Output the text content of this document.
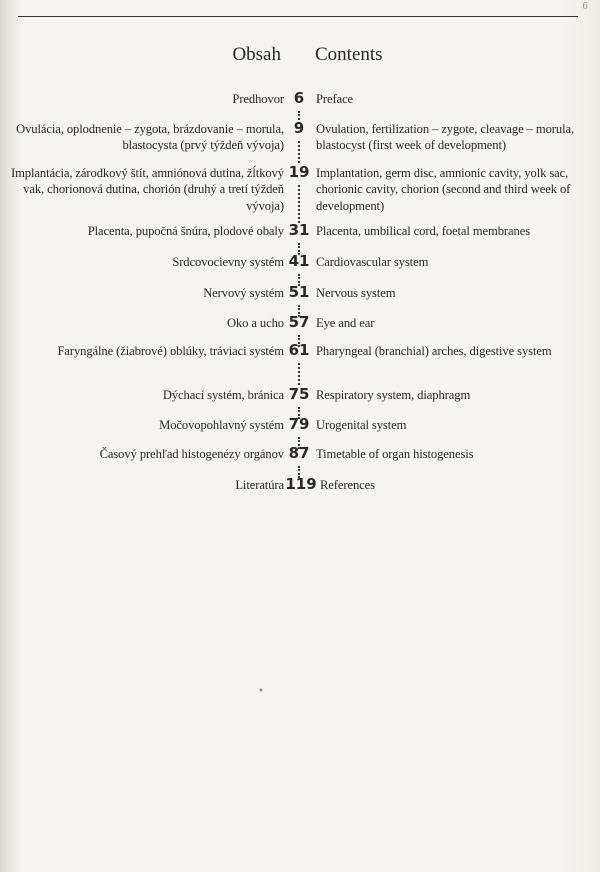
6
Obsah Contents
Predhovor 6 Preface
Ovulácia, oplodnenie – zygota, brázdovanie – morula, blastocysta (prvý týždeň vývoja)
9 Ovulation, fertilization – zygote, cleavage – morula, blastocyst (first week of development)
Implantácia, zárodkový štít, amniónová dutina, žĺtkový vak, chorionová dutina, chorión (druhý a tretí týždeň vývoja)
19 Implantation, germ disc, amnionic cavity, yolk sac, chorionic cavity, chorion (second and third week of development)
Placenta, pupočná šnúra, plodové obaly 31 Placenta, umbilical cord, foetal membranes
Srdcovocievny systém 41 Cardiovascular system
Nervový systém 51 Nervous system
Oko a ucho 57 Eye and ear
Faryngálne (žiabrové) oblúky, tráviaci systém 61 Pharyngeal (branchial) arches, digestive system
Dýchací systém, bránica 75 Respiratory system, diaphragm
Močovopohlavný systém 79 Urogenital system
Časový prehľad histogenézy orgánov 87 Timetable of organ histogenesis
Literatúra 119 References
•
